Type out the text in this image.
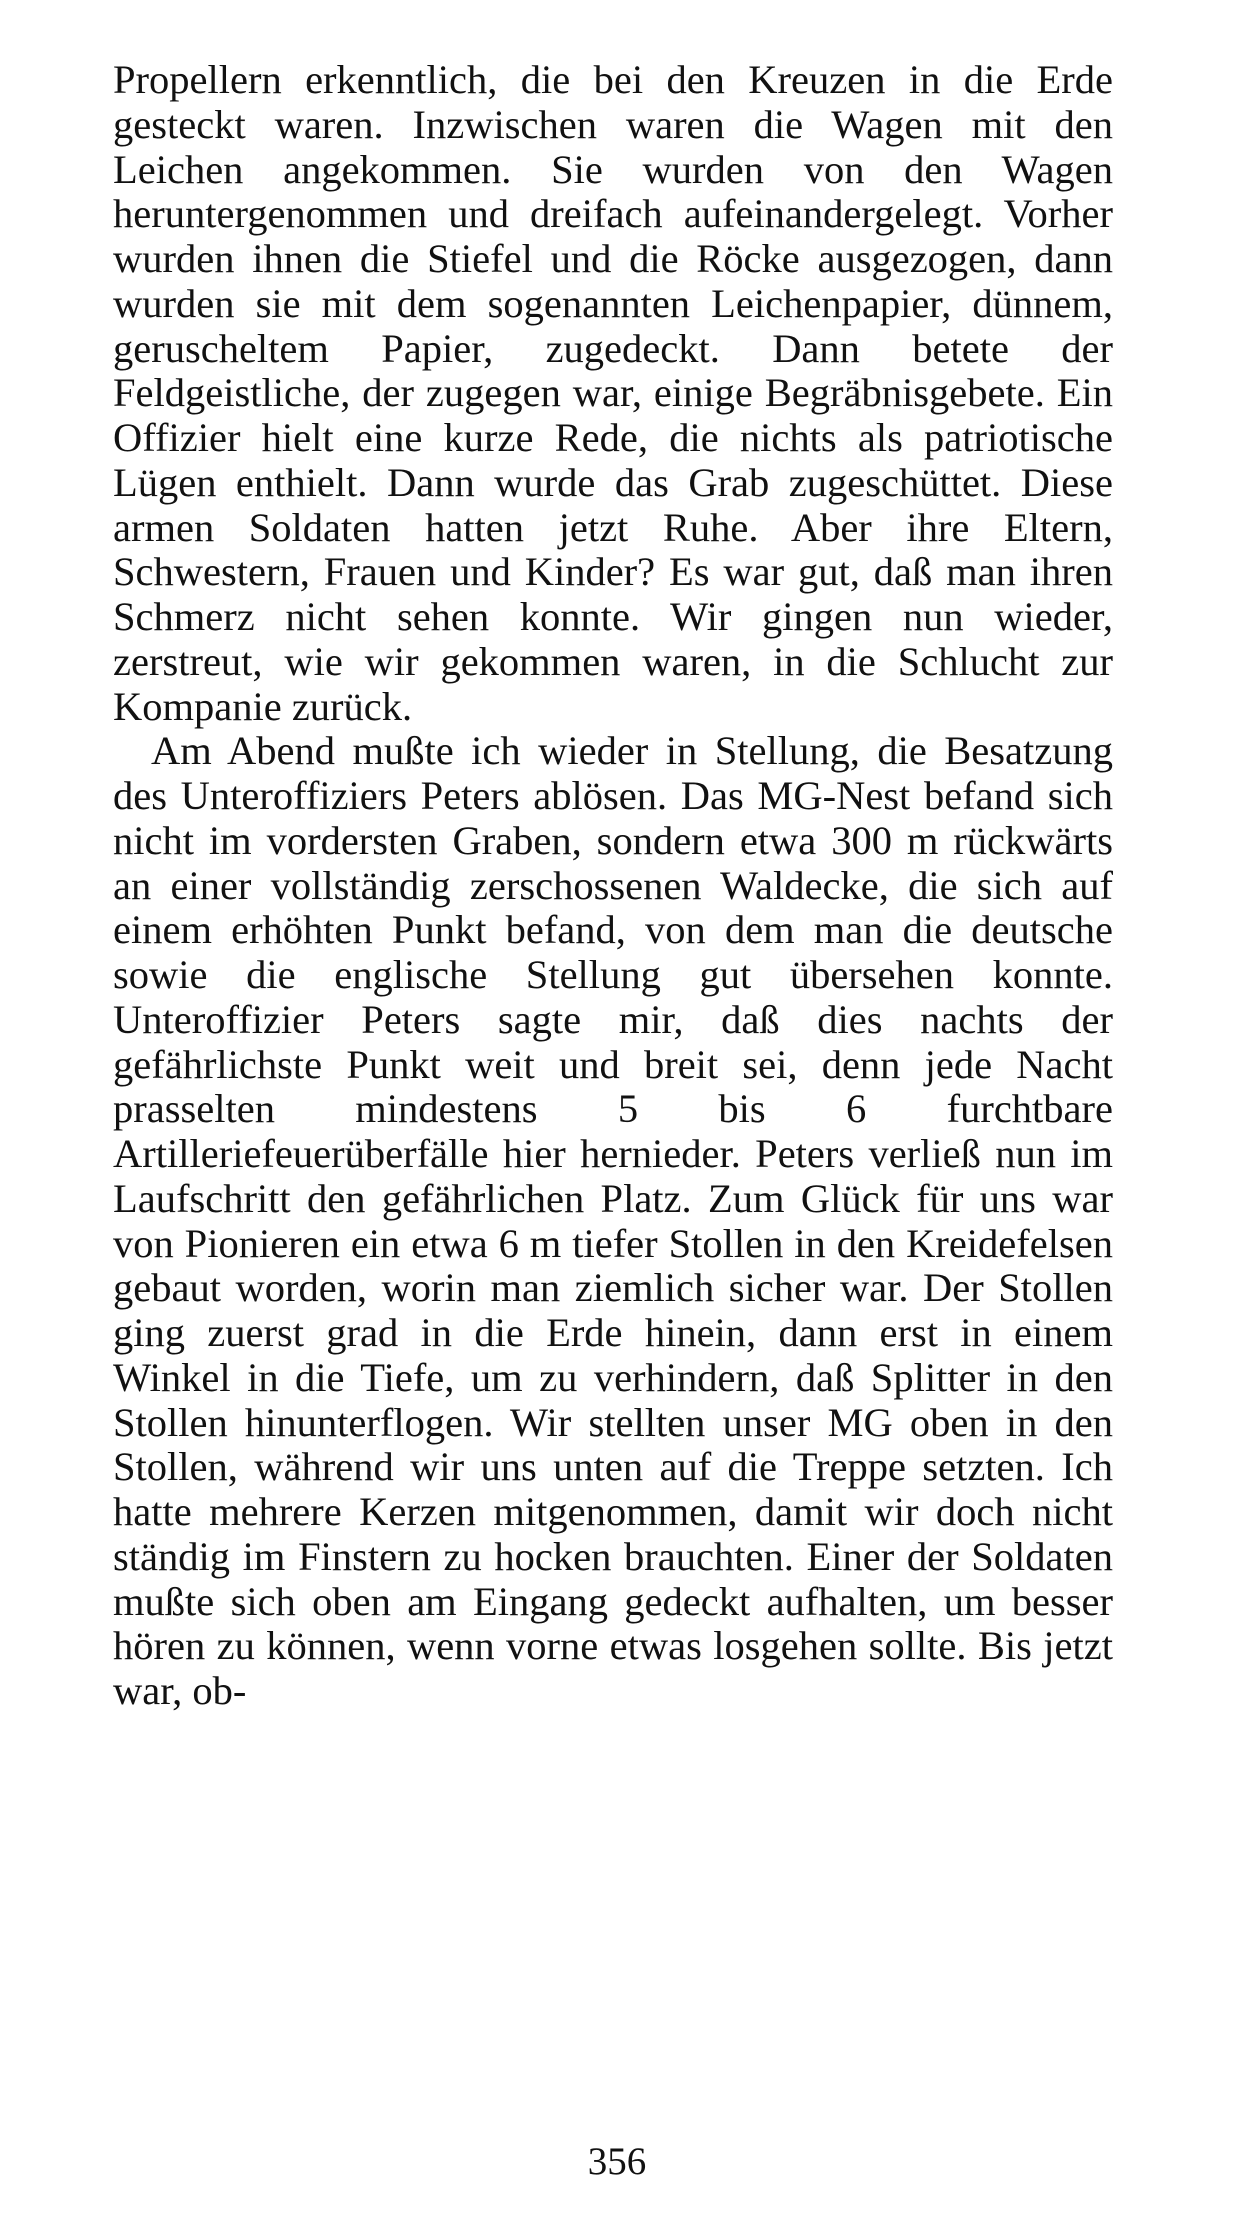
Propellern erkenntlich, die bei den Kreuzen in die Erde gesteckt waren. Inzwischen waren die Wagen mit den Leichen angekommen. Sie wurden von den Wagen heruntergenommen und dreifach aufeinandergelegt. Vorher wurden ihnen die Stiefel und die Röcke ausgezogen, dann wurden sie mit dem sogenannten Leichenpapier, dünnem, geruscheltem Papier, zugedeckt. Dann betete der Feldgeistliche, der zugegen war, einige Begräbnisgebete. Ein Offizier hielt eine kurze Rede, die nichts als patriotische Lügen enthielt. Dann wurde das Grab zugeschüttet. Diese armen Soldaten hatten jetzt Ruhe. Aber ihre Eltern, Schwestern, Frauen und Kinder? Es war gut, daß man ihren Schmerz nicht sehen konnte. Wir gingen nun wieder, zerstreut, wie wir gekommen waren, in die Schlucht zur Kompanie zurück.

Am Abend mußte ich wieder in Stellung, die Besatzung des Unteroffiziers Peters ablösen. Das MG-Nest befand sich nicht im vordersten Graben, sondern etwa 300 m rückwärts an einer vollständig zerschossenen Waldecke, die sich auf einem erhöhten Punkt befand, von dem man die deutsche sowie die englische Stellung gut übersehen konnte. Unteroffizier Peters sagte mir, daß dies nachts der gefährlichste Punkt weit und breit sei, denn jede Nacht prasselten mindestens 5 bis 6 furchtbare Artilleriefeuerüberfälle hier hernieder. Peters verließ nun im Laufschritt den gefährlichen Platz. Zum Glück für uns war von Pionieren ein etwa 6 m tiefer Stollen in den Kreidefelsen gebaut worden, worin man ziemlich sicher war. Der Stollen ging zuerst grad in die Erde hinein, dann erst in einem Winkel in die Tiefe, um zu verhindern, daß Splitter in den Stollen hinunterflogen. Wir stellten unser MG oben in den Stollen, während wir uns unten auf die Treppe setzten. Ich hatte mehrere Kerzen mitgenommen, damit wir doch nicht ständig im Finstern zu hocken brauchten. Einer der Soldaten mußte sich oben am Eingang gedeckt aufhalten, um besser hören zu können, wenn vorne etwas losgehen sollte. Bis jetzt war, ob-

356
